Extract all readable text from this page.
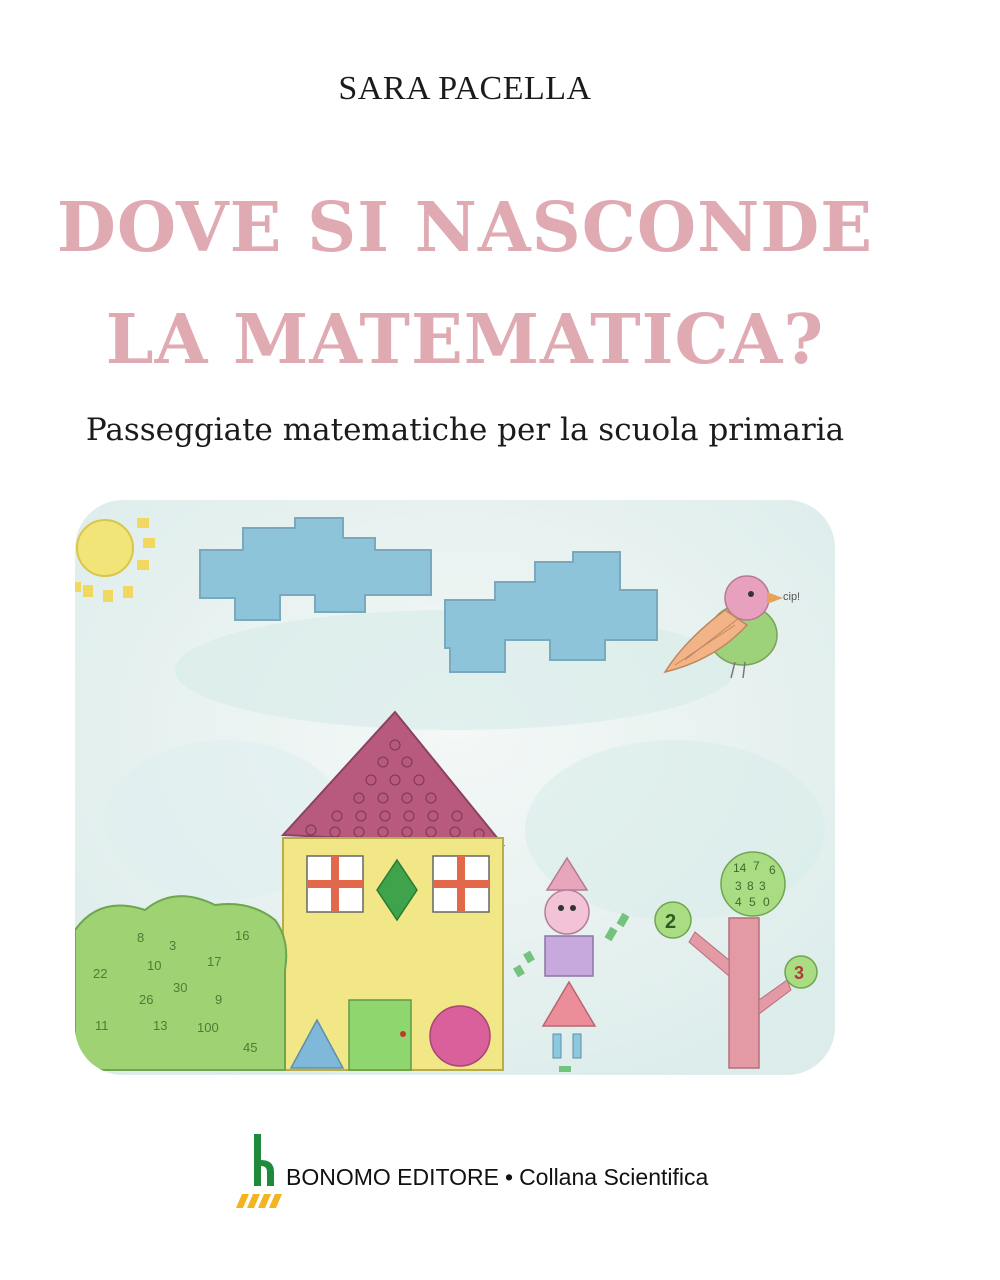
SARA PACELLA
DOVE SI NASCONDE
LA MATEMATICA?
Passeggiate matematiche per la scuola primaria
cip!
8
3
16
22
10	17
30
26	9
13 100
45
11
14 7 6
3 8 3
4 5 0
2
3
BONOMO EDITORE • Collana Scientifica
